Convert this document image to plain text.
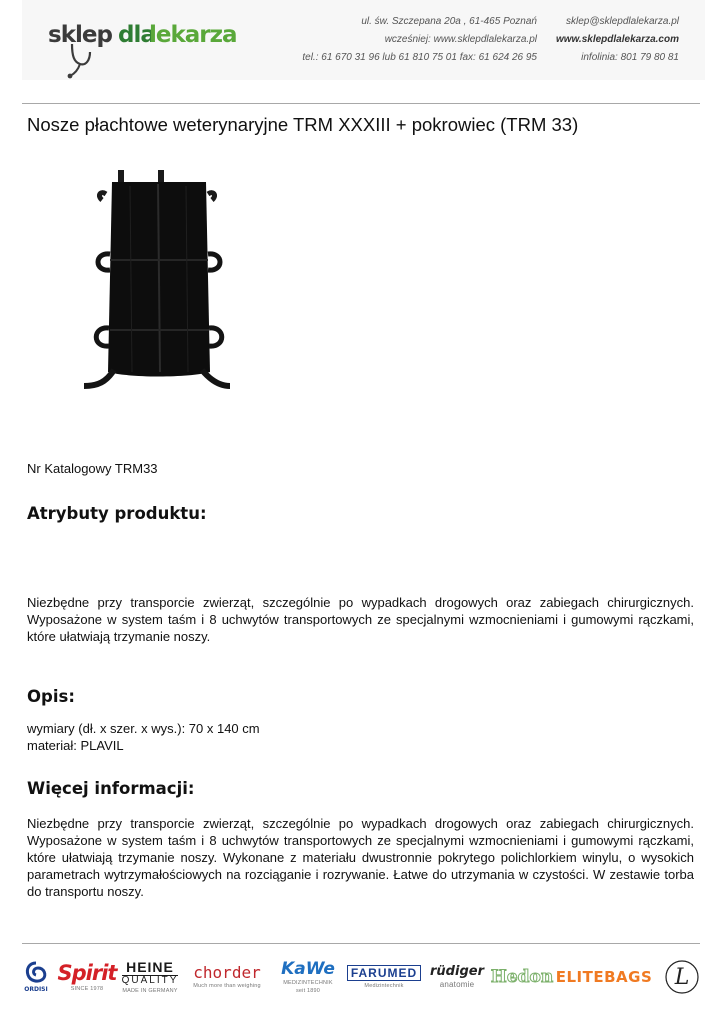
sklep dla
lekarza
ul. św. Szczepana 20a , 61-465 Poznań
wcześniej: www.sklepdlalekarza.pl
tel.: 61 670 31 96 lub 61 810 75 01 fax: 61 624 26 95
sklep@sklepdlalekarza.pl
www.sklepdlalekarza.com
infolinia: 801 79 80 81
Nosze płachtowe weterynaryjne TRM XXXIII + pokrowiec (TRM 33)
Nr Katalogowy TRM33
Atrybuty produktu:
Niezbędne przy transporcie zwierząt, szczególnie po wypadkach drogowych oraz zabiegach chirurgicznych. Wyposażone w system taśm i 8 uchwytów transportowych ze specjalnymi wzmocnieniami i gumowymi rączkami, które ułatwiają trzymanie noszy.
Opis:
wymiary (dł. x szer. x wys.): 70 x 140 cm
materiał: PLAVIL
Więcej informacji:
Niezbędne przy transporcie zwierząt, szczególnie po wypadkach drogowych oraz zabiegach chirurgicznych. Wyposażone w system taśm i 8 uchwytów transportowych ze specjalnymi wzmocnieniami i gumowymi rączkami, które ułatwiają trzymanie noszy. Wykonane z materiału dwustronnie pokrytego polichlorkiem winylu, o wysokich parametrach wytrzymałościowych na rozciąganie i rozrywanie. Łatwe do utrzymania w czystości. W zestawie torba do transportu noszy.
ORDISI
Spirit
SINCE 1978
HEINE
QUALITY
MADE IN GERMANY
chorder
Much more than weighing
KaWe
MEDIZINTECHNIK
seit 1890
FARUMED
Medizintechnik
rüdiger
anatomie Hedon ELITEBAGS L
